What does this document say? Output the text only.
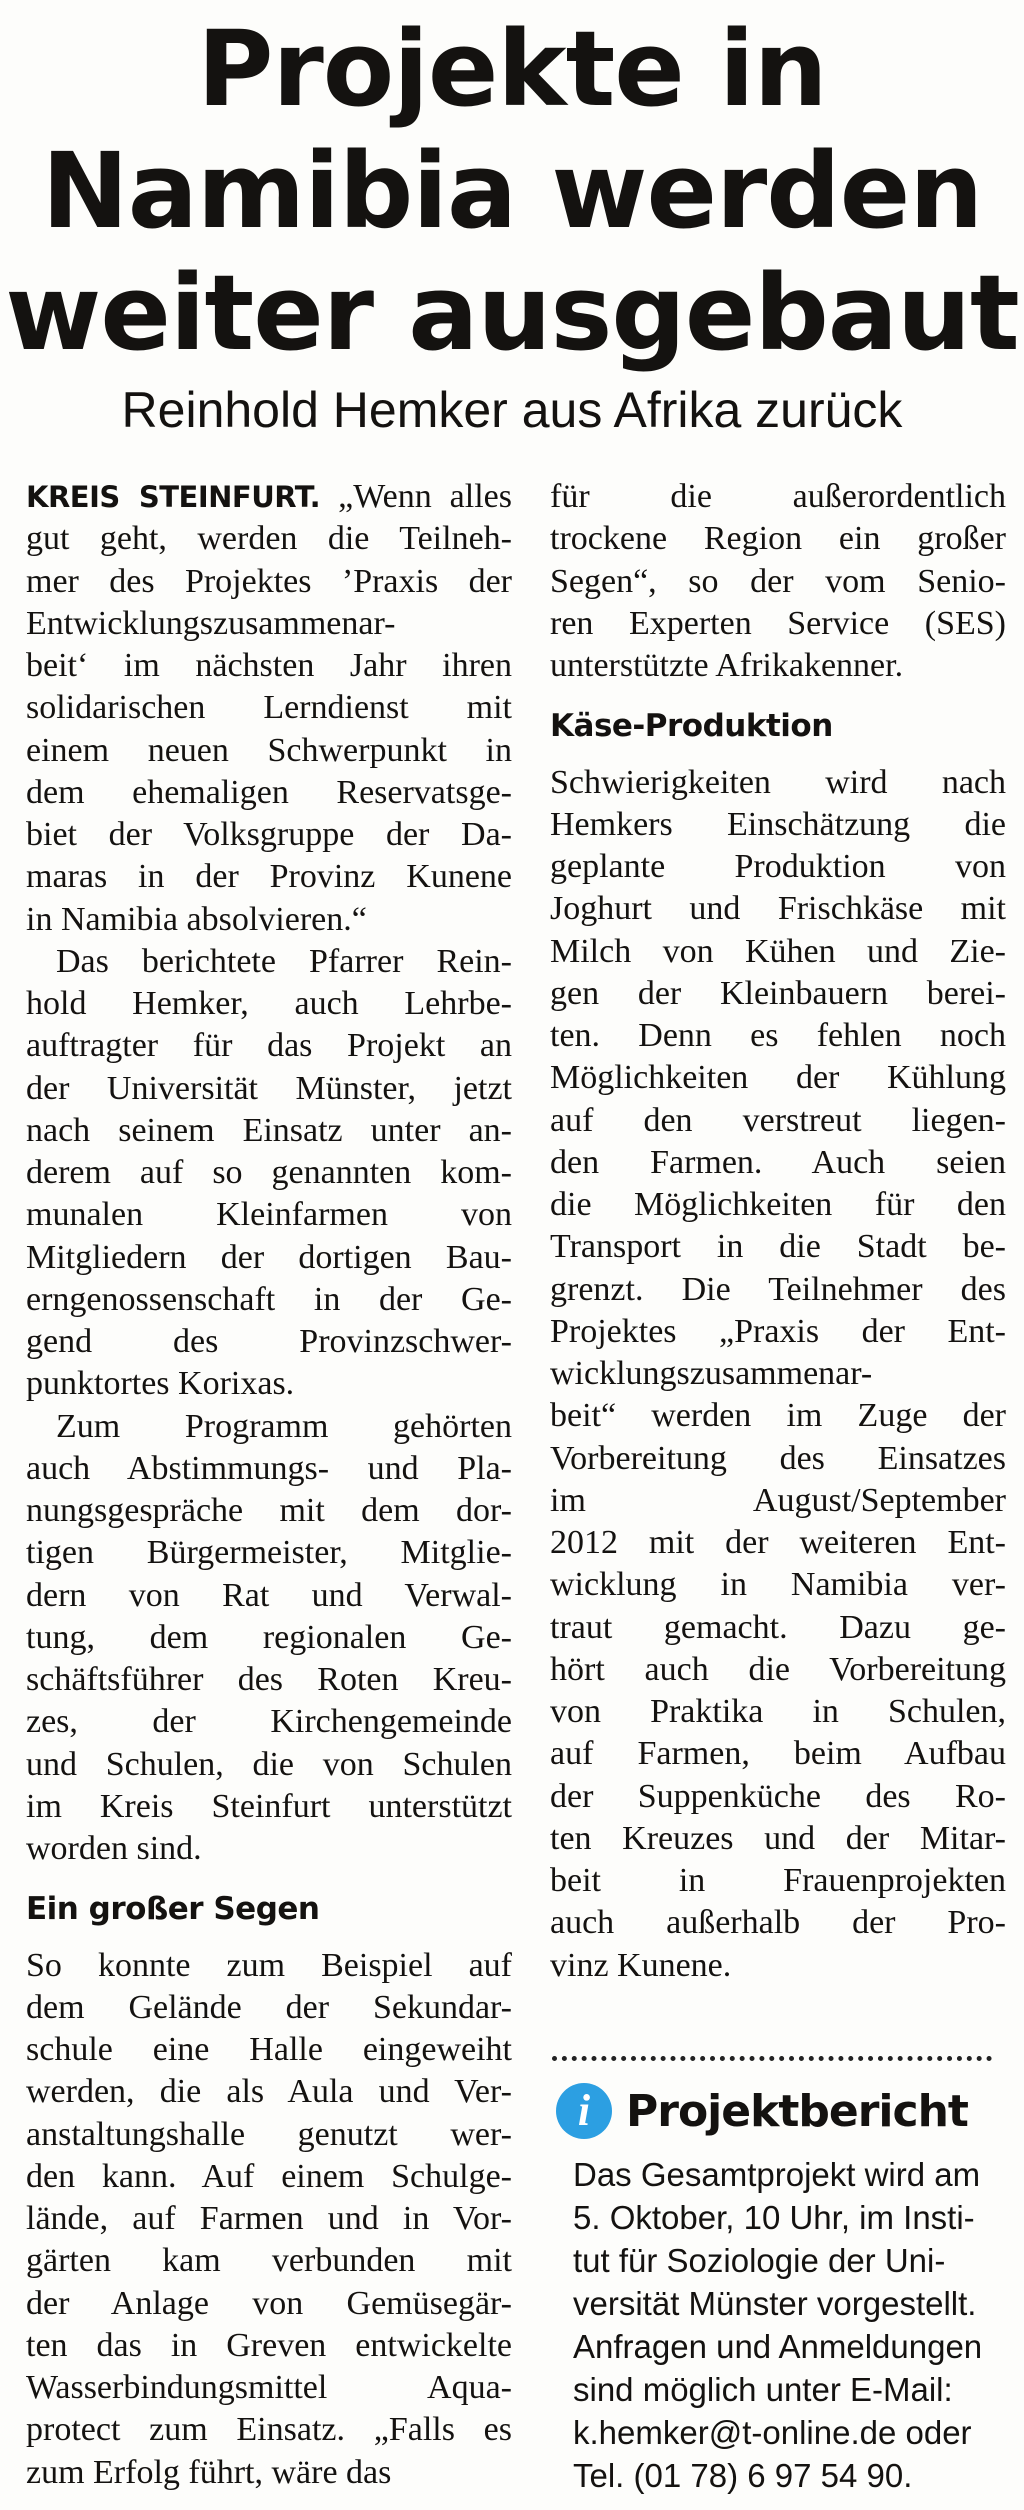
Projekte in
Namibia werden
weiter ausgebaut
Reinhold Hemker aus Afrika zurück
KREIS STEINFURT. „Wenn alles
gut geht, werden die Teilneh-
mer des Projektes ’Praxis der
Entwicklungszusammenar-
beit‘ im nächsten Jahr ihren
solidarischen Lerndienst mit
einem neuen Schwerpunkt in
dem ehemaligen Reservatsge-
biet der Volksgruppe der Da-
maras in der Provinz Kunene
in Namibia absolvieren.“
Das berichtete Pfarrer Rein-
hold Hemker, auch Lehrbe-
auftragter für das Projekt an
der Universität Münster, jetzt
nach seinem Einsatz unter an-
derem auf so genannten kom-
munalen Kleinfarmen von
Mitgliedern der dortigen Bau-
erngenossenschaft in der Ge-
gend des Provinzschwer-
punktortes Korixas.
Zum Programm gehörten
auch Abstimmungs- und Pla-
nungsgespräche mit dem dor-
tigen Bürgermeister, Mitglie-
dern von Rat und Verwal-
tung, dem regionalen Ge-
schäftsführer des Roten Kreu-
zes, der Kirchengemeinde
und Schulen, die von Schulen
im Kreis Steinfurt unterstützt
worden sind.
Ein großer Segen
So konnte zum Beispiel auf
dem Gelände der Sekundar-
schule eine Halle eingeweiht
werden, die als Aula und Ver-
anstaltungshalle genutzt wer-
den kann. Auf einem Schulge-
lände, auf Farmen und in Vor-
gärten kam verbunden mit
der Anlage von Gemüsegär-
ten das in Greven entwickelte
Wasserbindungsmittel Aqua-
protect zum Einsatz. „Falls es
zum Erfolg führt, wäre das
für die außerordentlich
trockene Region ein großer
Segen“, so der vom Senio-
ren Experten Service (SES)
unterstützte Afrikakenner.
Käse-Produktion
Schwierigkeiten wird nach
Hemkers Einschätzung die
geplante Produktion von
Joghurt und Frischkäse mit
Milch von Kühen und Zie-
gen der Kleinbauern berei-
ten. Denn es fehlen noch
Möglichkeiten der Kühlung
auf den verstreut liegen-
den Farmen. Auch seien
die Möglichkeiten für den
Transport in die Stadt be-
grenzt. Die Teilnehmer des
Projektes „Praxis der Ent-
wicklungszusammenar-
beit“ werden im Zuge der
Vorbereitung des Einsatzes
im August/September
2012 mit der weiteren Ent-
wicklung in Namibia ver-
traut gemacht. Dazu ge-
hört auch die Vorbereitung
von Praktika in Schulen,
auf Farmen, beim Aufbau
der Suppenküche des Ro-
ten Kreuzes und der Mitar-
beit in Frauenprojekten
auch außerhalb der Pro-
vinz Kunene.
i Projektbericht
Das Gesamtprojekt wird am
5. Oktober, 10 Uhr, im Insti-
tut für Soziologie der Uni-
versität Münster vorgestellt.
Anfragen und Anmeldungen
sind möglich unter E-Mail:
k.hemker@t-online.de oder
Tel. (01 78) 6 97 54 90.
